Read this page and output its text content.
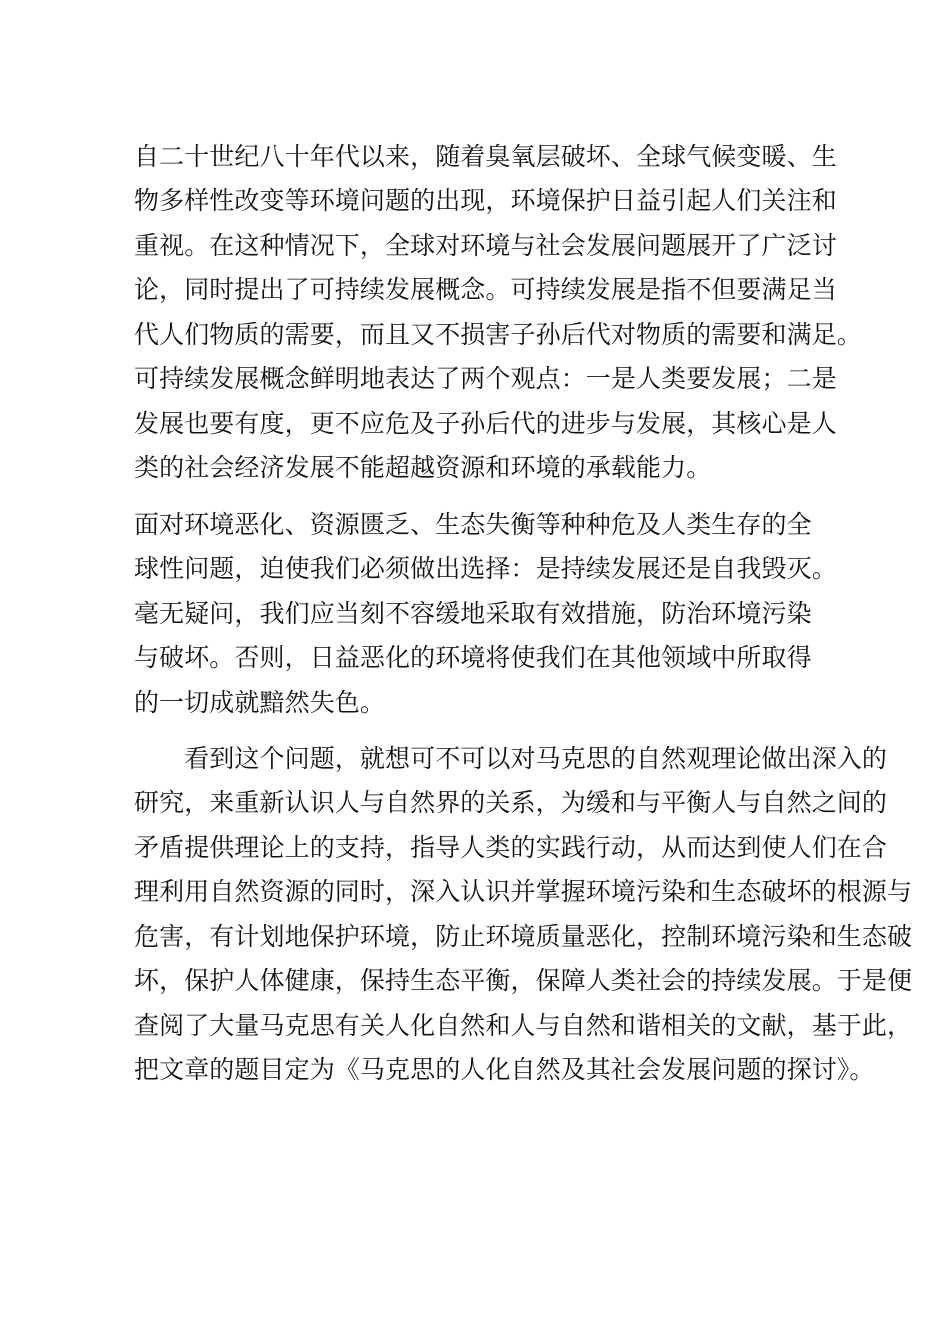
自二十世纪八十年代以来，随着臭氧层破坏、全球气候变暖、生
物多样性改变等环境问题的出现，环境保护日益引起人们关注和
重视。在这种情况下，全球对环境与社会发展问题展开了广泛讨
论，同时提出了可持续发展概念。可持续发展是指不但要满足当
代人们物质的需要，而且又不损害子孙后代对物质的需要和满足。
可持续发展概念鲜明地表达了两个观点：一是人类要发展；二是
发展也要有度，更不应危及子孙后代的进步与发展，其核心是人
类的社会经济发展不能超越资源和环境的承载能力。
面对环境恶化、资源匮乏、生态失衡等种种危及人类生存的全
球性问题，迫使我们必须做出选择：是持续发展还是自我毁灭。
毫无疑问，我们应当刻不容缓地采取有效措施，防治环境污染
与破坏。否则，日益恶化的环境将使我们在其他领域中所取得
的一切成就黯然失色。
　　看到这个问题，就想可不可以对马克思的自然观理论做出深入的
研究，来重新认识人与自然界的关系，为缓和与平衡人与自然之间的
矛盾提供理论上的支持，指导人类的实践行动，从而达到使人们在合
理利用自然资源的同时，深入认识并掌握环境污染和生态破坏的根源与
危害，有计划地保护环境，防止环境质量恶化，控制环境污染和生态破
坏，保护人体健康，保持生态平衡，保障人类社会的持续发展。于是便
查阅了大量马克思有关人化自然和人与自然和谐相关的文献，基于此，
把文章的题目定为《马克思的人化自然及其社会发展问题的探讨》。
